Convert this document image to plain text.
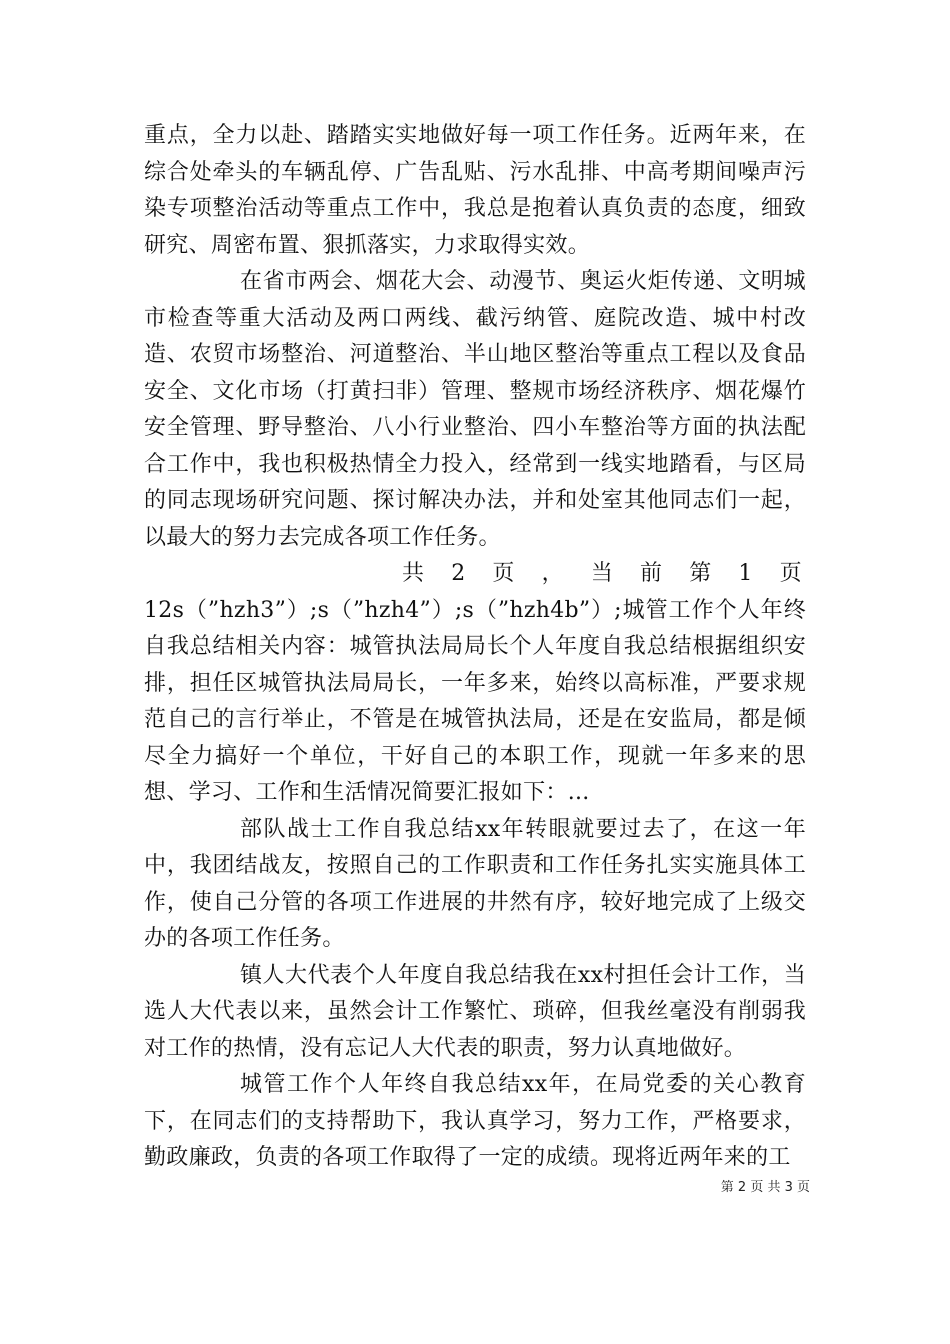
重点，全力以赴、踏踏实实地做好每一项工作任务。近两年来，在综合处牵头的车辆乱停、广告乱贴、污水乱排、中高考期间噪声污染专项整治活动等重点工作中，我总是抱着认真负责的态度，细致研究、周密布置、狠抓落实，力求取得实效。

在省市两会、烟花大会、动漫节、奥运火炬传递、文明城市检查等重大活动及两口两线、截污纳管、庭院改造、城中村改造、农贸市场整治、河道整治、半山地区整治等重点工程以及食品安全、文化市场（打黄扫非）管理、整规市场经济秩序、烟花爆竹安全管理、野导整治、八小行业整治、四小车整治等方面的执法配合工作中，我也积极热情全力投入，经常到一线实地踏看，与区局的同志现场研究问题、探讨解决办法，并和处室其他同志们一起，以最大的努力去完成各项工作任务。

共 2 页 ， 当 前 第 1 页

12s（”hzh3”）;s（”hzh4”）;s（”hzh4b”）;城管工作个人年终自我总结相关内容：城管执法局局长个人年度自我总结根据组织安排，担任区城管执法局局长，一年多来，始终以高标准，严要求规范自己的言行举止，不管是在城管执法局，还是在安监局，都是倾尽全力搞好一个单位，干好自己的本职工作，现就一年多来的思想、学习、工作和生活情况简要汇报如下：...

部队战士工作自我总结xx年转眼就要过去了，在这一年中，我团结战友，按照自己的工作职责和工作任务扎实实施具体工作，使自己分管的各项工作进展的井然有序，较好地完成了上级交办的各项工作任务。

镇人大代表个人年度自我总结我在xx村担任会计工作，当选人大代表以来，虽然会计工作繁忙、琐碎，但我丝毫没有削弱我对工作的热情，没有忘记人大代表的职责，努力认真地做好。

城管工作个人年终自我总结xx年，在局党委的关心教育下，在同志们的支持帮助下，我认真学习，努力工作，严格要求，勤政廉政，负责的各项工作取得了一定的成绩。现将近两年来的工

第 2 页 共 3 页
